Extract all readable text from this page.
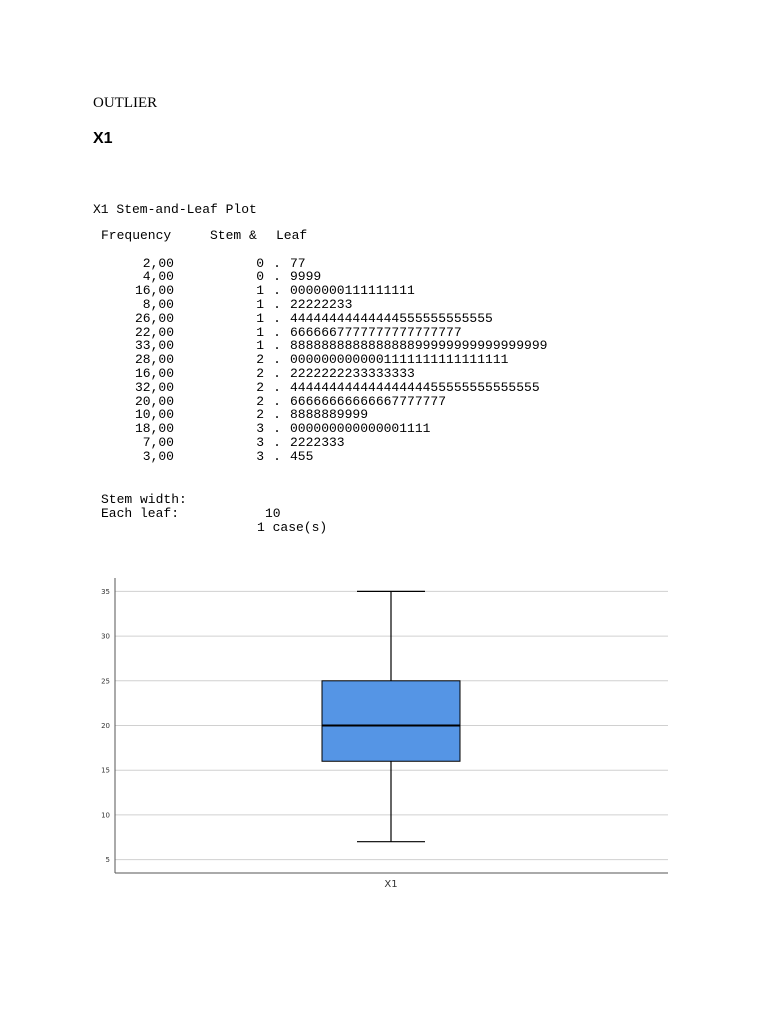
OUTLIER
X1
X1 Stem-and-Leaf Plot
Frequency	Stem & Leaf
2,00	0 . 77
4,00	0 . 9999
16,00	1 . 0000000111111111
8,00	1 . 22222233
26,00	1 . 44444444444444555555555555
22,00	1 . 6666667777777777777777
33,00	1 . 888888888888888899999999999999999
28,00	2 . 0000000000001111111111111111
16,00	2 . 2222222233333333
32,00	2 . 44444444444444444455555555555555
20,00	2 . 66666666666667777777
10,00	2 . 8888889999
18,00	3 . 000000000000001111
7,00	3 . 2222333
3,00	3 . 455

Stem width:

10

Each leaf:

1 case(s)

5
10
15
20
25
30
35
X1
